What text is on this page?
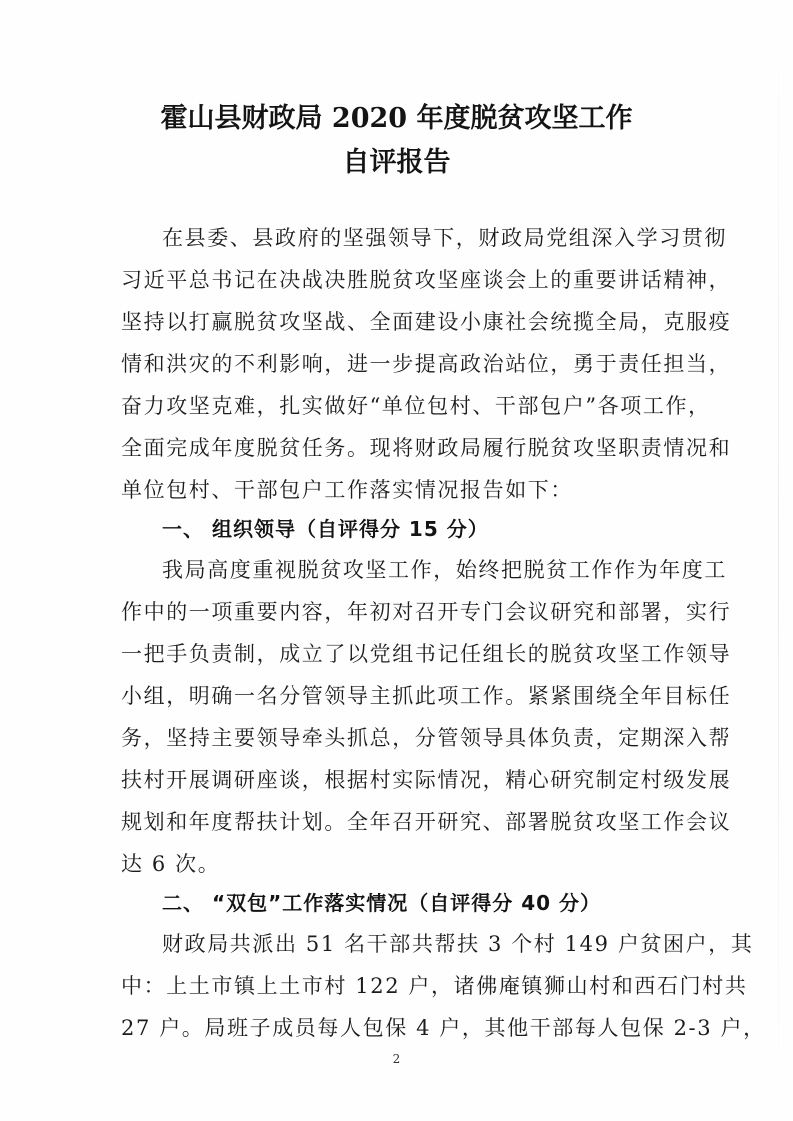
霍山县财政局 2020 年度脱贫攻坚工作
自评报告
在县委、县政府的坚强领导下，财政局党组深入学习贯彻
习近平总书记在决战决胜脱贫攻坚座谈会上的重要讲话精神，
坚持以打赢脱贫攻坚战、全面建设小康社会统揽全局，克服疫
情和洪灾的不利影响，进一步提高政治站位，勇于责任担当，
奋力攻坚克难，扎实做好“单位包村、干部包户”各项工作，
全面完成年度脱贫任务。现将财政局履行脱贫攻坚职责情况和
单位包村、干部包户工作落实情况报告如下：
一、 组织领导（自评得分 15 分）
我局高度重视脱贫攻坚工作，始终把脱贫工作作为年度工
作中的一项重要内容，年初对召开专门会议研究和部署，实行
一把手负责制，成立了以党组书记任组长的脱贫攻坚工作领导
小组，明确一名分管领导主抓此项工作。紧紧围绕全年目标任
务，坚持主要领导牵头抓总，分管领导具体负责，定期深入帮
扶村开展调研座谈，根据村实际情况，精心研究制定村级发展
规划和年度帮扶计划。全年召开研究、部署脱贫攻坚工作会议
达 6 次。
二、 “双包”工作落实情况（自评得分 40 分）
财政局共派出 51 名干部共帮扶 3 个村 149 户贫困户，其
中：上土市镇上土市村 122 户，诸佛庵镇狮山村和西石门村共
27 户。局班子成员每人包保 4 户，其他干部每人包保 2-3 户，
2
